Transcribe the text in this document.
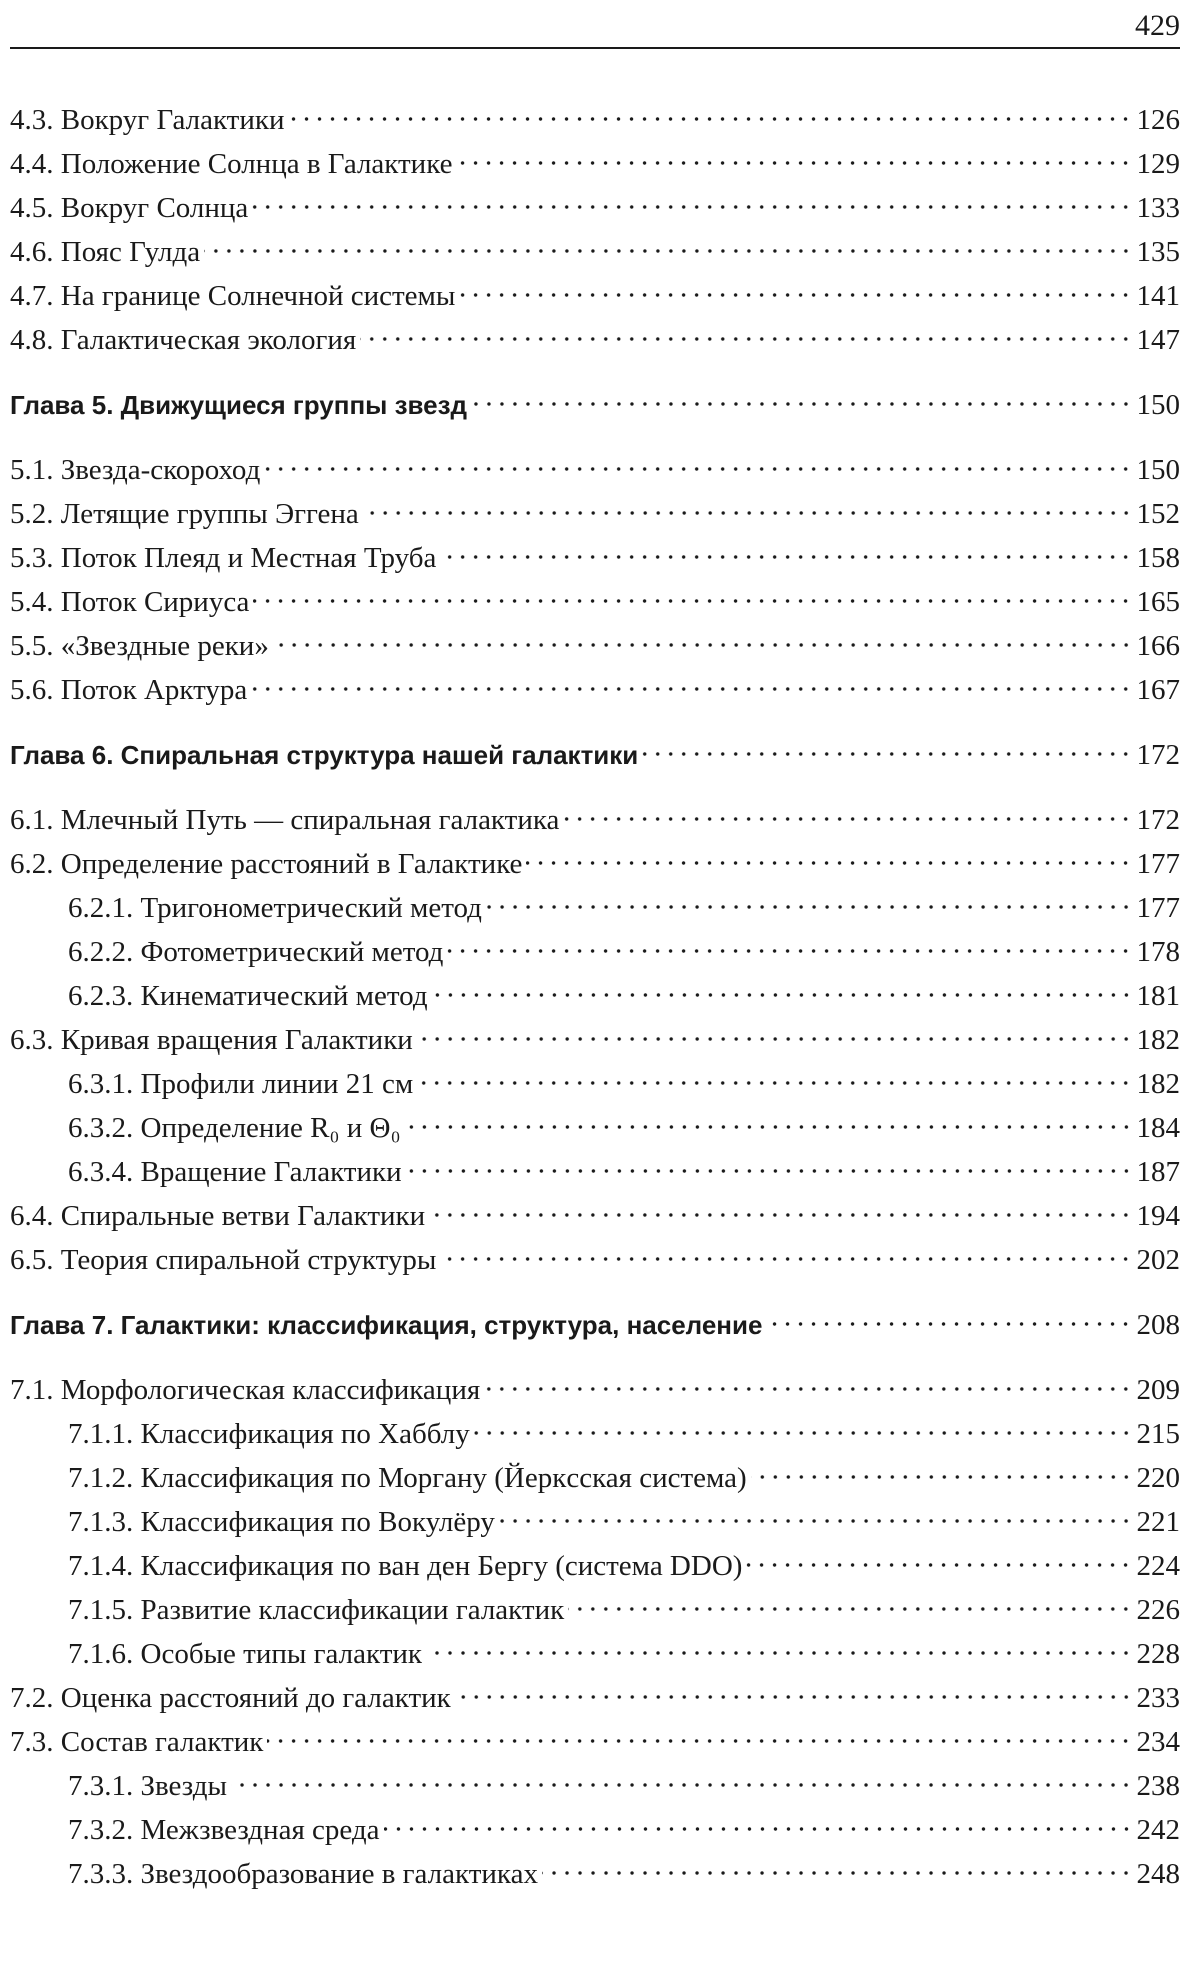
429
4.3. Вокруг Галактики	126
4.4. Положение Солнца в Галактике	129
4.5. Вокруг Солнца	133
4.6. Пояс Гулда	135
4.7. На границе Солнечной системы	141
4.8. Галактическая экология	147
Глава 5. Движущиеся группы звезд	150
5.1. Звезда-скороход	150
5.2. Летящие группы Эггена	152
5.3. Поток Плеяд и Местная Труба	158
5.4. Поток Сириуса	165
5.5. «Звездные реки»	166
5.6. Поток Арктура	167
Глава 6. Спиральная структура нашей галактики	172
6.1. Млечный Путь — спиральная галактика	172
6.2. Определение расстояний в Галактике	177
6.2.1. Тригонометрический метод	177
6.2.2. Фотометрический метод	178
6.2.3. Кинематический метод	181
6.3. Кривая вращения Галактики	182
6.3.1. Профили линии 21 см	182
6.3.2. Определение R₀ и Θ₀	184
6.3.4. Вращение Галактики	187
6.4. Спиральные ветви Галактики	194
6.5. Теория спиральной структуры	202
Глава 7. Галактики: классификация, структура, население	208
7.1. Морфологическая классификация	209
7.1.1. Классификация по Хабблу	215
7.1.2. Классификация по Моргану (Йеркcская система)	220
7.1.3. Классификация по Вокулёру	221
7.1.4. Классификация по ван ден Бергу (система DDO)	224
7.1.5. Развитие классификации галактик	226
7.1.6. Особые типы галактик	228
7.2. Оценка расстояний до галактик	233
7.3. Состав галактик	234
7.3.1. Звезды	238
7.3.2. Межзвездная среда	242
7.3.3. Звездообразование в галактиках	248
